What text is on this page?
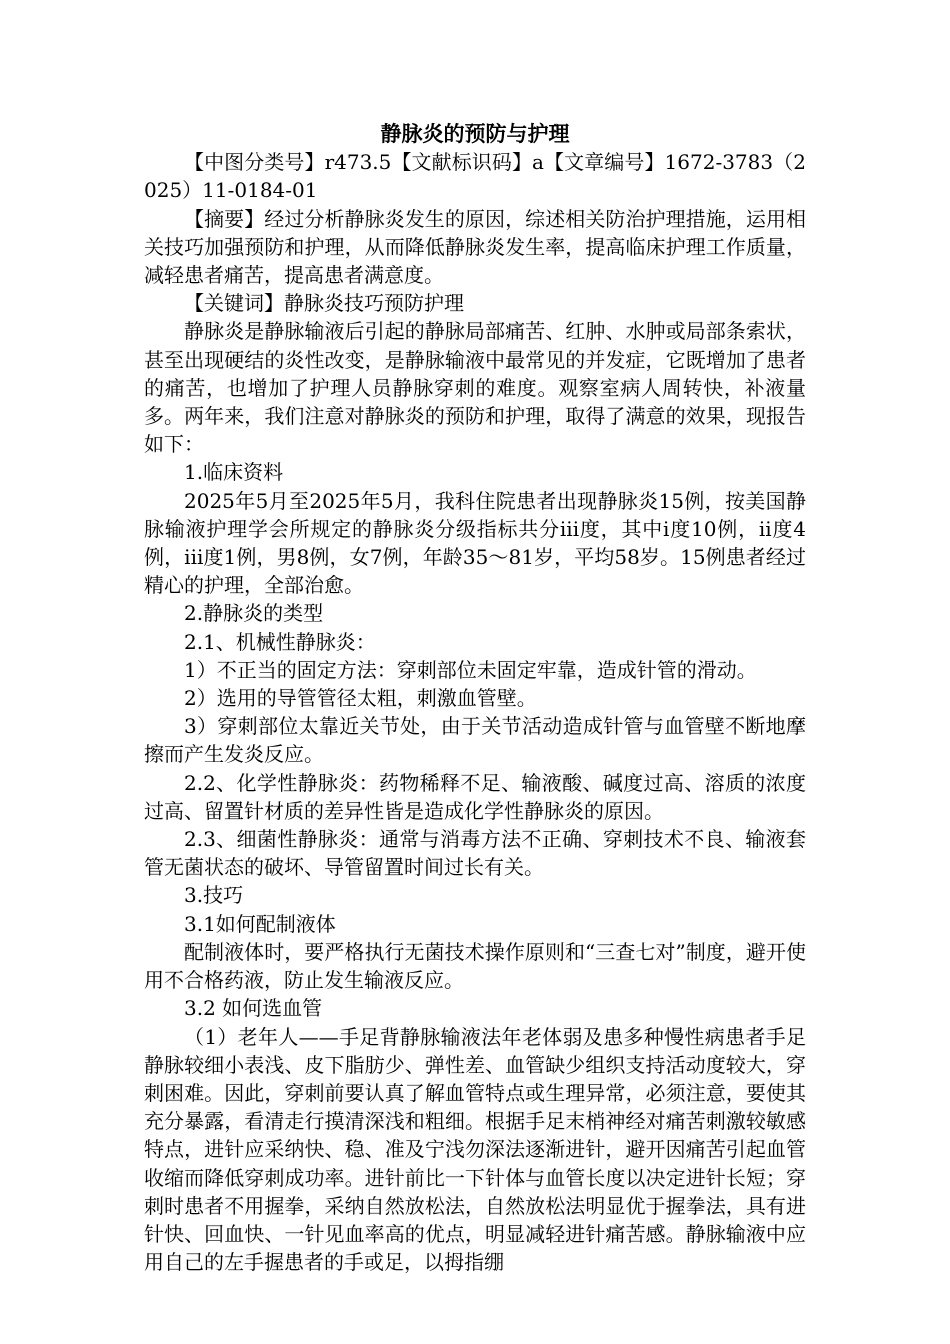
静脉炎的预防与护理

【中图分类号】r473.5【文献标识码】a【文章编号】1672-3783（2025）11-0184-01

【摘要】经过分析静脉炎发生的原因，综述相关防治护理措施，运用相关技巧加强预防和护理，从而降低静脉炎发生率，提高临床护理工作质量，减轻患者痛苦，提高患者满意度。

【关键词】静脉炎技巧预防护理

静脉炎是静脉输液后引起的静脉局部痛苦、红肿、水肿或局部条索状，甚至出现硬结的炎性改变，是静脉输液中最常见的并发症，它既增加了患者的痛苦，也增加了护理人员静脉穿刺的难度。观察室病人周转快，补液量多。两年来，我们注意对静脉炎的预防和护理，取得了满意的效果，现报告如下：

1.临床资料

2025年5月至2025年5月，我科住院患者出现静脉炎15例，按美国静脉输液护理学会所规定的静脉炎分级指标共分iii度，其中i度10例，ii度4例，iii度1例，男8例，女7例，年龄35～81岁，平均58岁。15例患者经过精心的护理，全部治愈。

2.静脉炎的类型

2.1、机械性静脉炎：

1）不正当的固定方法：穿刺部位未固定牢靠，造成针管的滑动。

2）选用的导管管径太粗，刺激血管壁。

3）穿刺部位太靠近关节处，由于关节活动造成针管与血管壁不断地摩擦而产生发炎反应。

2.2、化学性静脉炎：药物稀释不足、输液酸、碱度过高、溶质的浓度过高、留置针材质的差异性皆是造成化学性静脉炎的原因。

2.3、细菌性静脉炎：通常与消毒方法不正确、穿刺技术不良、输液套管无菌状态的破坏、导管留置时间过长有关。

3.技巧

3.1如何配制液体

配制液体时，要严格执行无菌技术操作原则和“三查七对”制度，避开使用不合格药液，防止发生输液反应。

3.2 如何选血管

（1）老年人——手足背静脉输液法年老体弱及患多种慢性病患者手足静脉较细小表浅、皮下脂肪少、弹性差、血管缺少组织支持活动度较大，穿刺困难。因此，穿刺前要认真了解血管特点或生理异常，必须注意，要使其充分暴露，看清走行摸清深浅和粗细。根据手足末梢神经对痛苦刺激较敏感特点，进针应采纳快、稳、准及宁浅勿深法逐渐进针，避开因痛苦引起血管收缩而降低穿刺成功率。进针前比一下针体与血管长度以决定进针长短；穿刺时患者不用握拳，采纳自然放松法，自然放松法明显优于握拳法，具有进针快、回血快、一针见血率高的优点，明显减轻进针痛苦感。静脉输液中应用自己的左手握患者的手或足，以拇指绷
